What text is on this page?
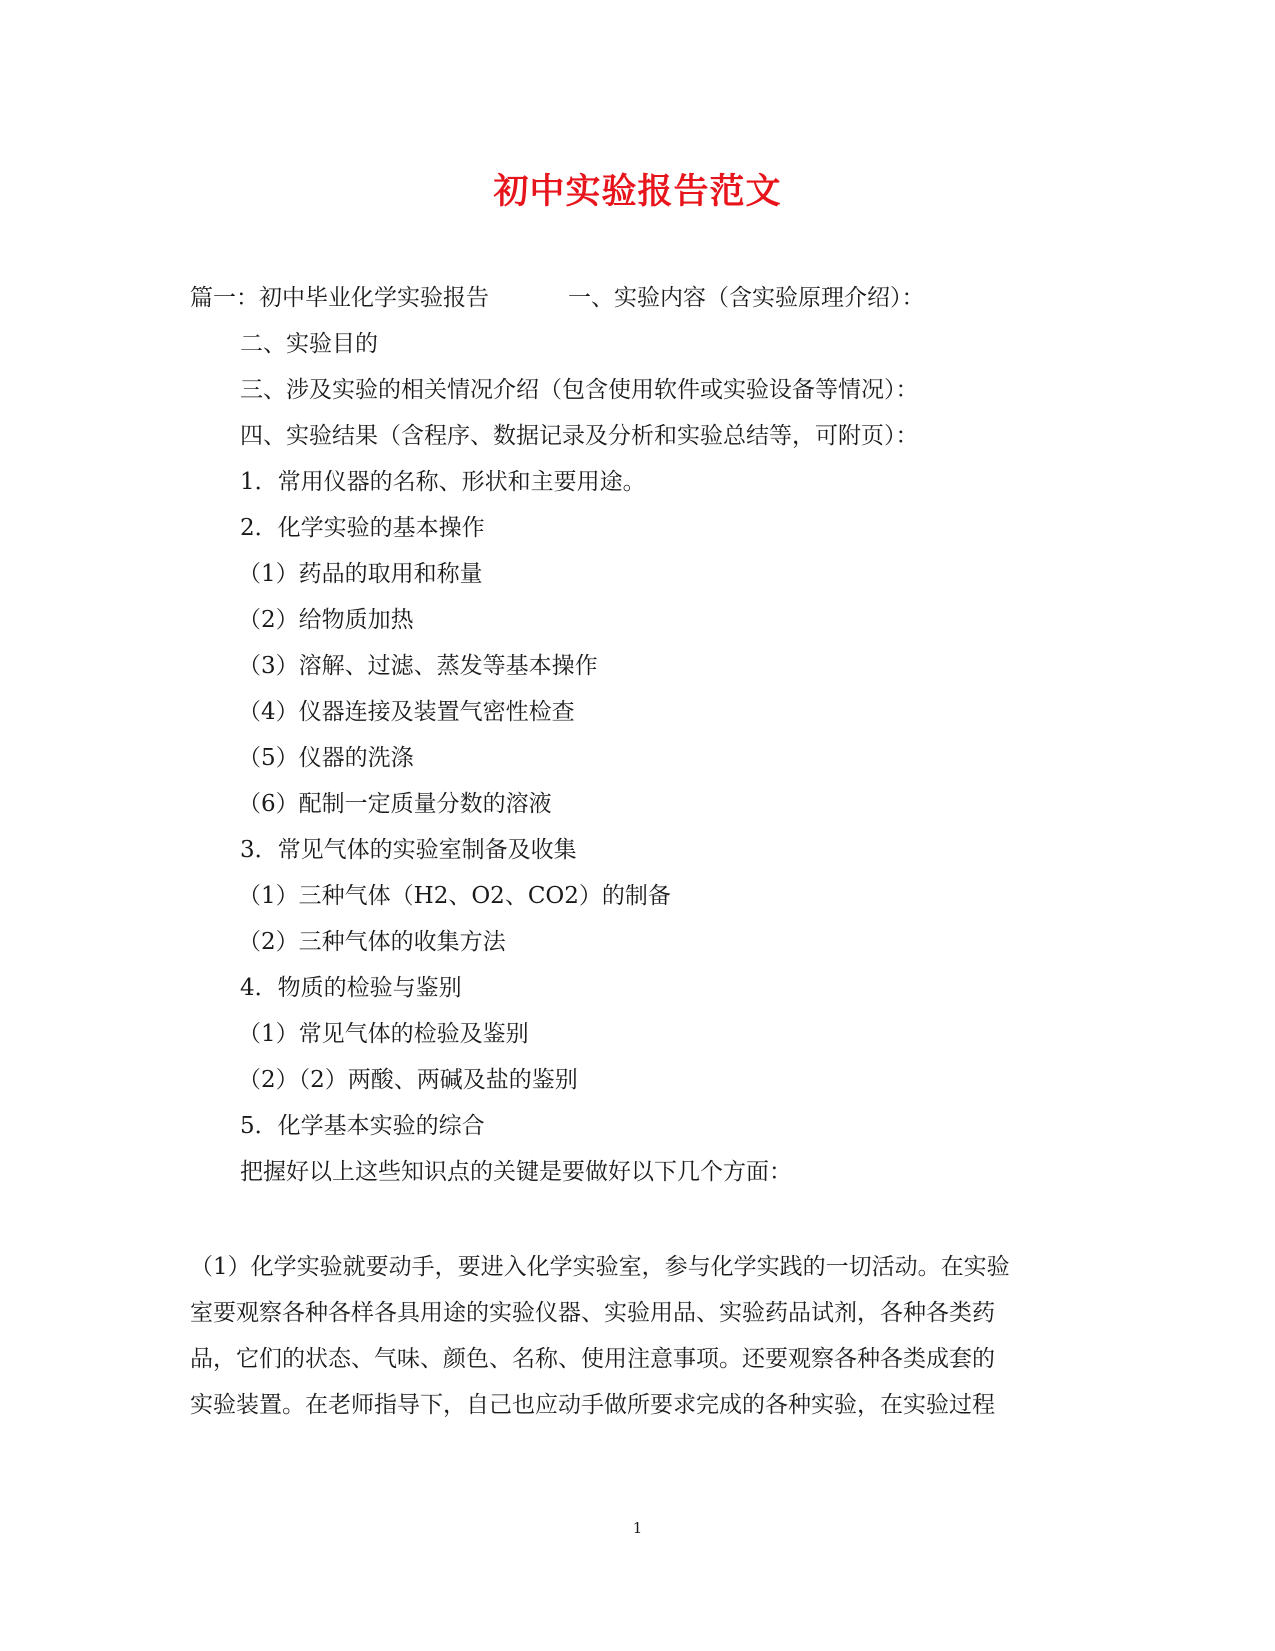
初中实验报告范文
篇一：初中毕业化学实验报告	一、实验内容（含实验原理介绍）：
二、实验目的
三、涉及实验的相关情况介绍（包含使用软件或实验设备等情况）：
四、实验结果（含程序、数据记录及分析和实验总结等，可附页）：
1．常用仪器的名称、形状和主要用途。
2．化学实验的基本操作
（1）药品的取用和称量
（2）给物质加热
（3）溶解、过滤、蒸发等基本操作
（4）仪器连接及装置气密性检查
（5）仪器的洗涤
（6）配制一定质量分数的溶液
3．常见气体的实验室制备及收集
（1）三种气体（H2、O2、CO2）的制备
（2）三种气体的收集方法
4．物质的检验与鉴别
（1）常见气体的检验及鉴别
（2）（2）两酸、两碱及盐的鉴别
5．化学基本实验的综合
把握好以上这些知识点的关键是要做好以下几个方面：
（1）化学实验就要动手，要进入化学实验室，参与化学实践的一切活动。在实验
室要观察各种各样各具用途的实验仪器、实验用品、实验药品试剂，各种各类药
品，它们的状态、气味、颜色、名称、使用注意事项。还要观察各种各类成套的
实验装置。在老师指导下，自己也应动手做所要求完成的各种实验，在实验过程
1
